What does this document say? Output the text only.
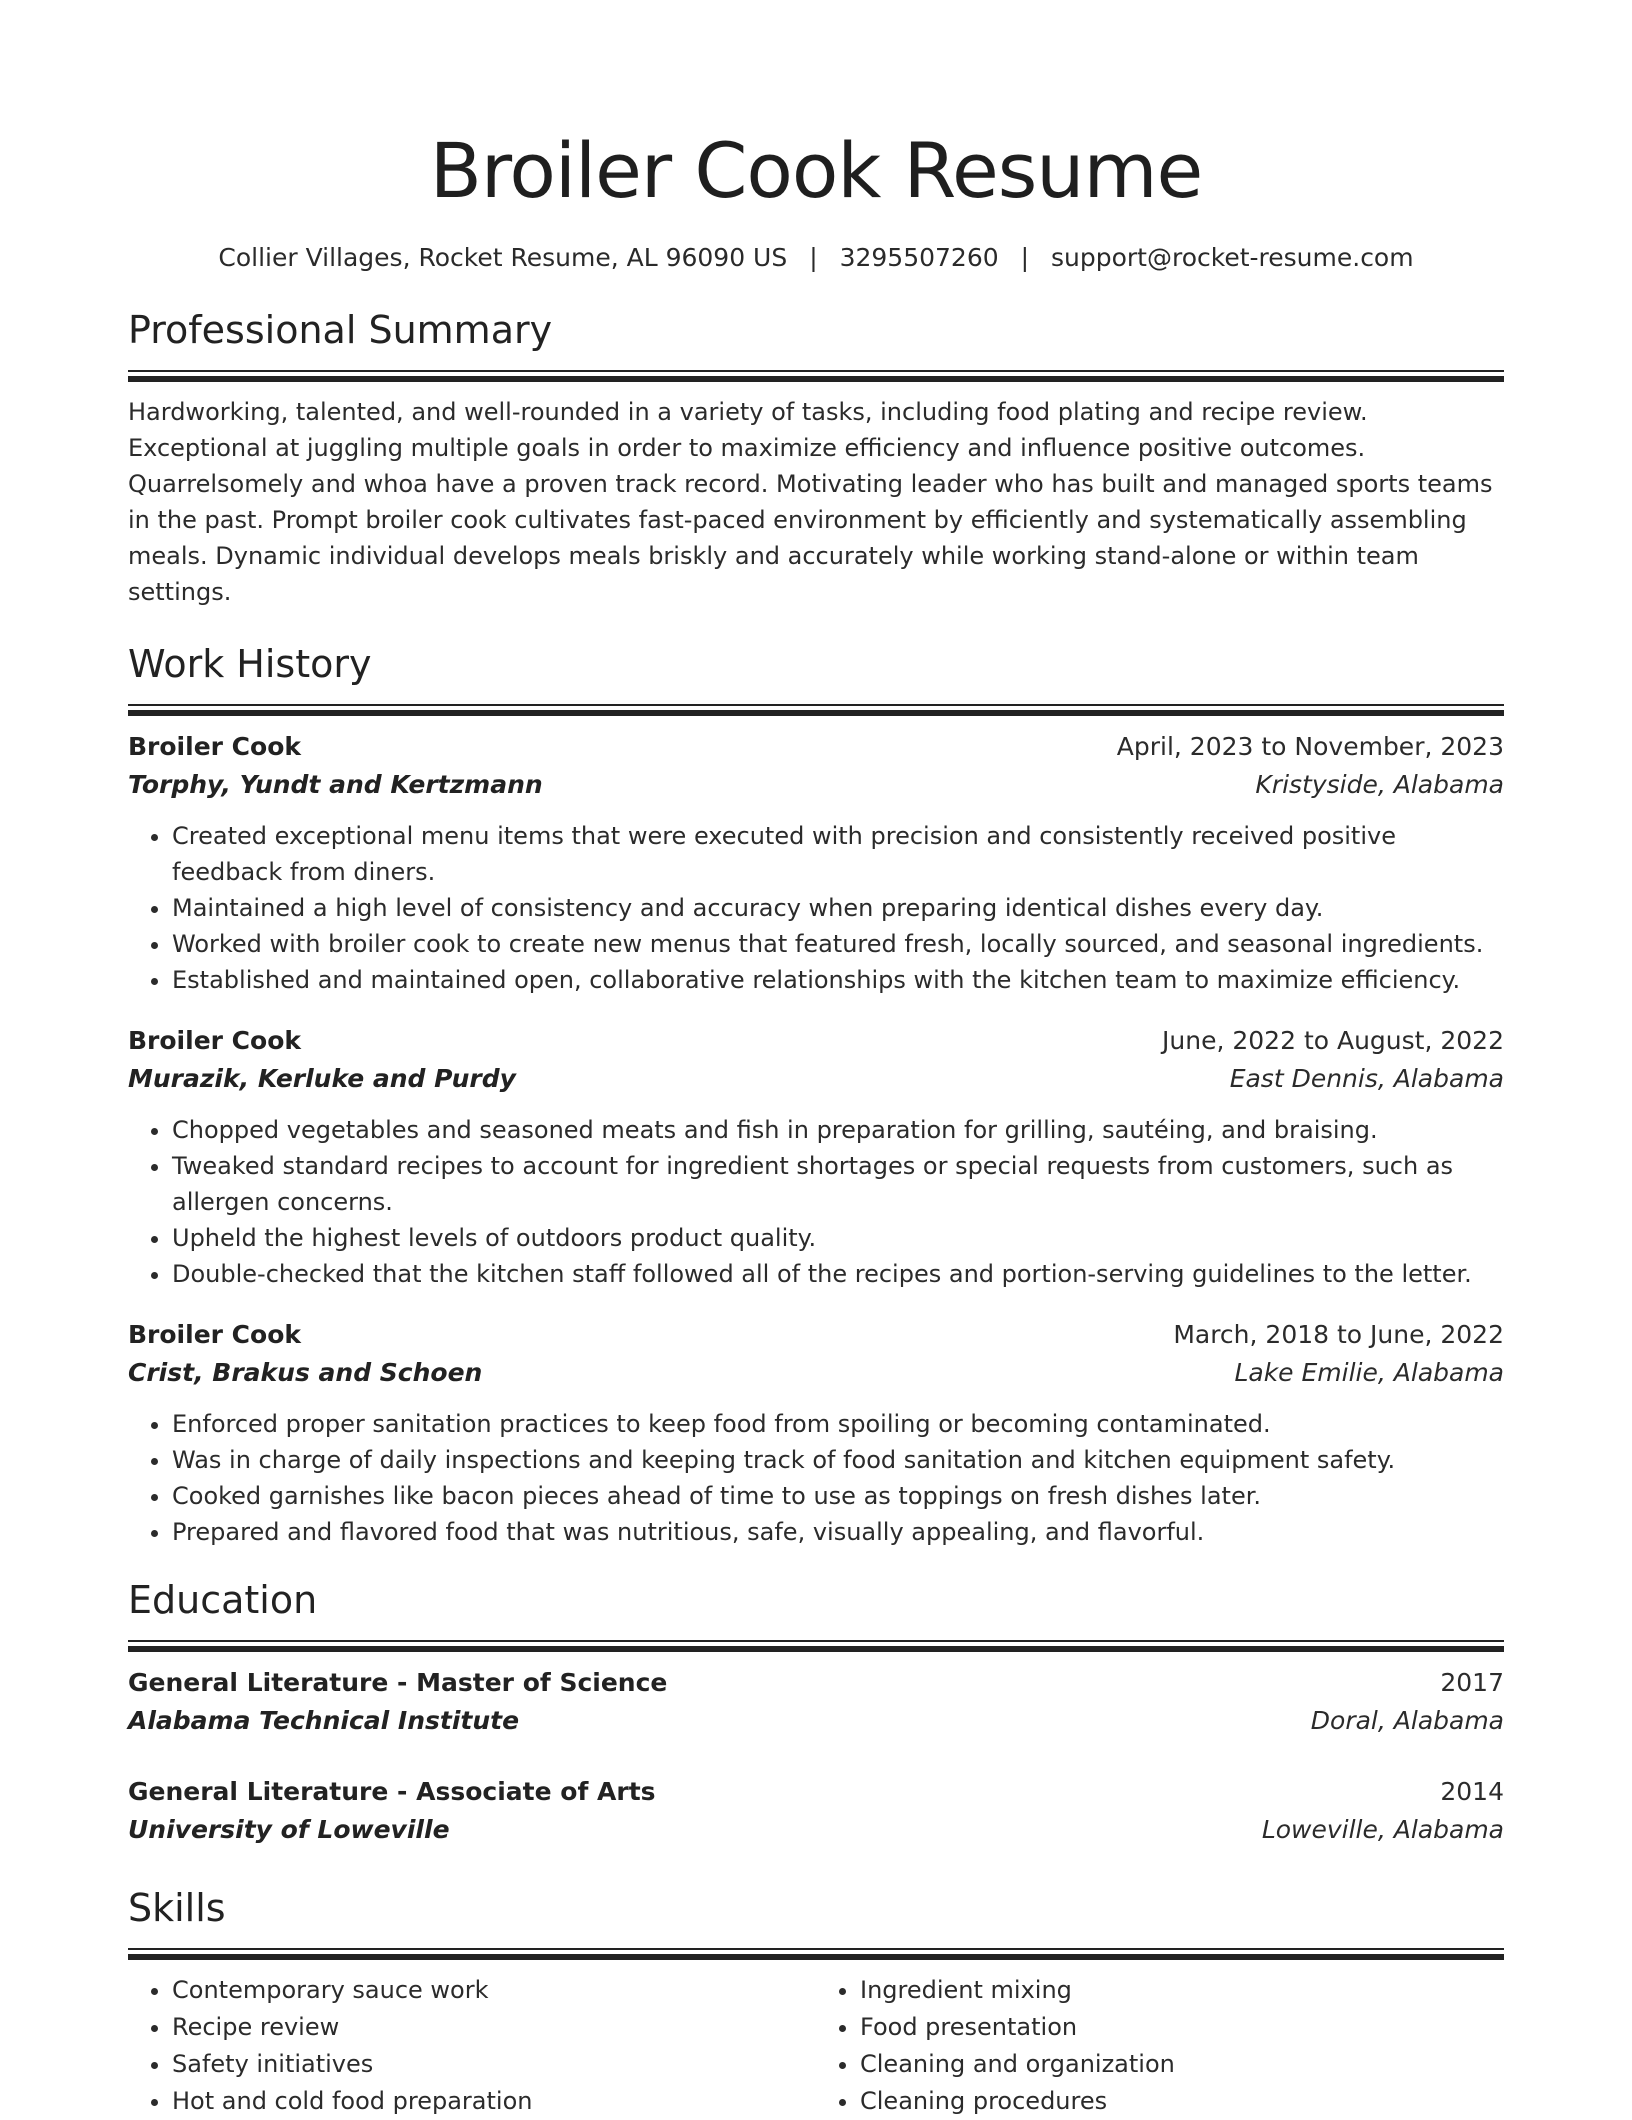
Broiler Cook Resume
Collier Villages, Rocket Resume, AL 96090 US | 3295507260 | support@rocket-resume.com
Professional Summary

Hardworking, talented, and well-rounded in a variety of tasks, including food plating and recipe review. Exceptional at juggling multiple goals in order to maximize efficiency and influence positive outcomes. Quarrelsomely and whoa have a proven track record. Motivating leader who has built and managed sports teams in the past. Prompt broiler cook cultivates fast-paced environment by efficiently and systematically assembling meals. Dynamic individual develops meals briskly and accurately while working stand-alone or within team settings.

Work History
Broiler Cook	April, 2023 to November, 2023
Torphy, Yundt and Kertzmann	Kristyside, Alabama
• Created exceptional menu items that were executed with precision and consistently received positive feedback from diners.
• Maintained a high level of consistency and accuracy when preparing identical dishes every day.
• Worked with broiler cook to create new menus that featured fresh, locally sourced, and seasonal ingredients.
• Established and maintained open, collaborative relationships with the kitchen team to maximize efficiency.
Broiler Cook	June, 2022 to August, 2022
Murazik, Kerluke and Purdy	East Dennis, Alabama
• Chopped vegetables and seasoned meats and fish in preparation for grilling, sautéing, and braising.
• Tweaked standard recipes to account for ingredient shortages or special requests from customers, such as allergen concerns.
• Upheld the highest levels of outdoors product quality.
• Double-checked that the kitchen staff followed all of the recipes and portion-serving guidelines to the letter.
Broiler Cook	March, 2018 to June, 2022
Crist, Brakus and Schoen	Lake Emilie, Alabama
• Enforced proper sanitation practices to keep food from spoiling or becoming contaminated.
• Was in charge of daily inspections and keeping track of food sanitation and kitchen equipment safety.
• Cooked garnishes like bacon pieces ahead of time to use as toppings on fresh dishes later.
• Prepared and flavored food that was nutritious, safe, visually appealing, and flavorful.
Education
General Literature - Master of Science	2017
Alabama Technical Institute	Doral, Alabama
General Literature - Associate of Arts	2014
University of Loweville	Loweville, Alabama
Skills
• Contemporary sauce work
• Recipe review
• Safety initiatives
• Hot and cold food preparation
• Ingredient mixing
• Food presentation
• Cleaning and organization
• Cleaning procedures
